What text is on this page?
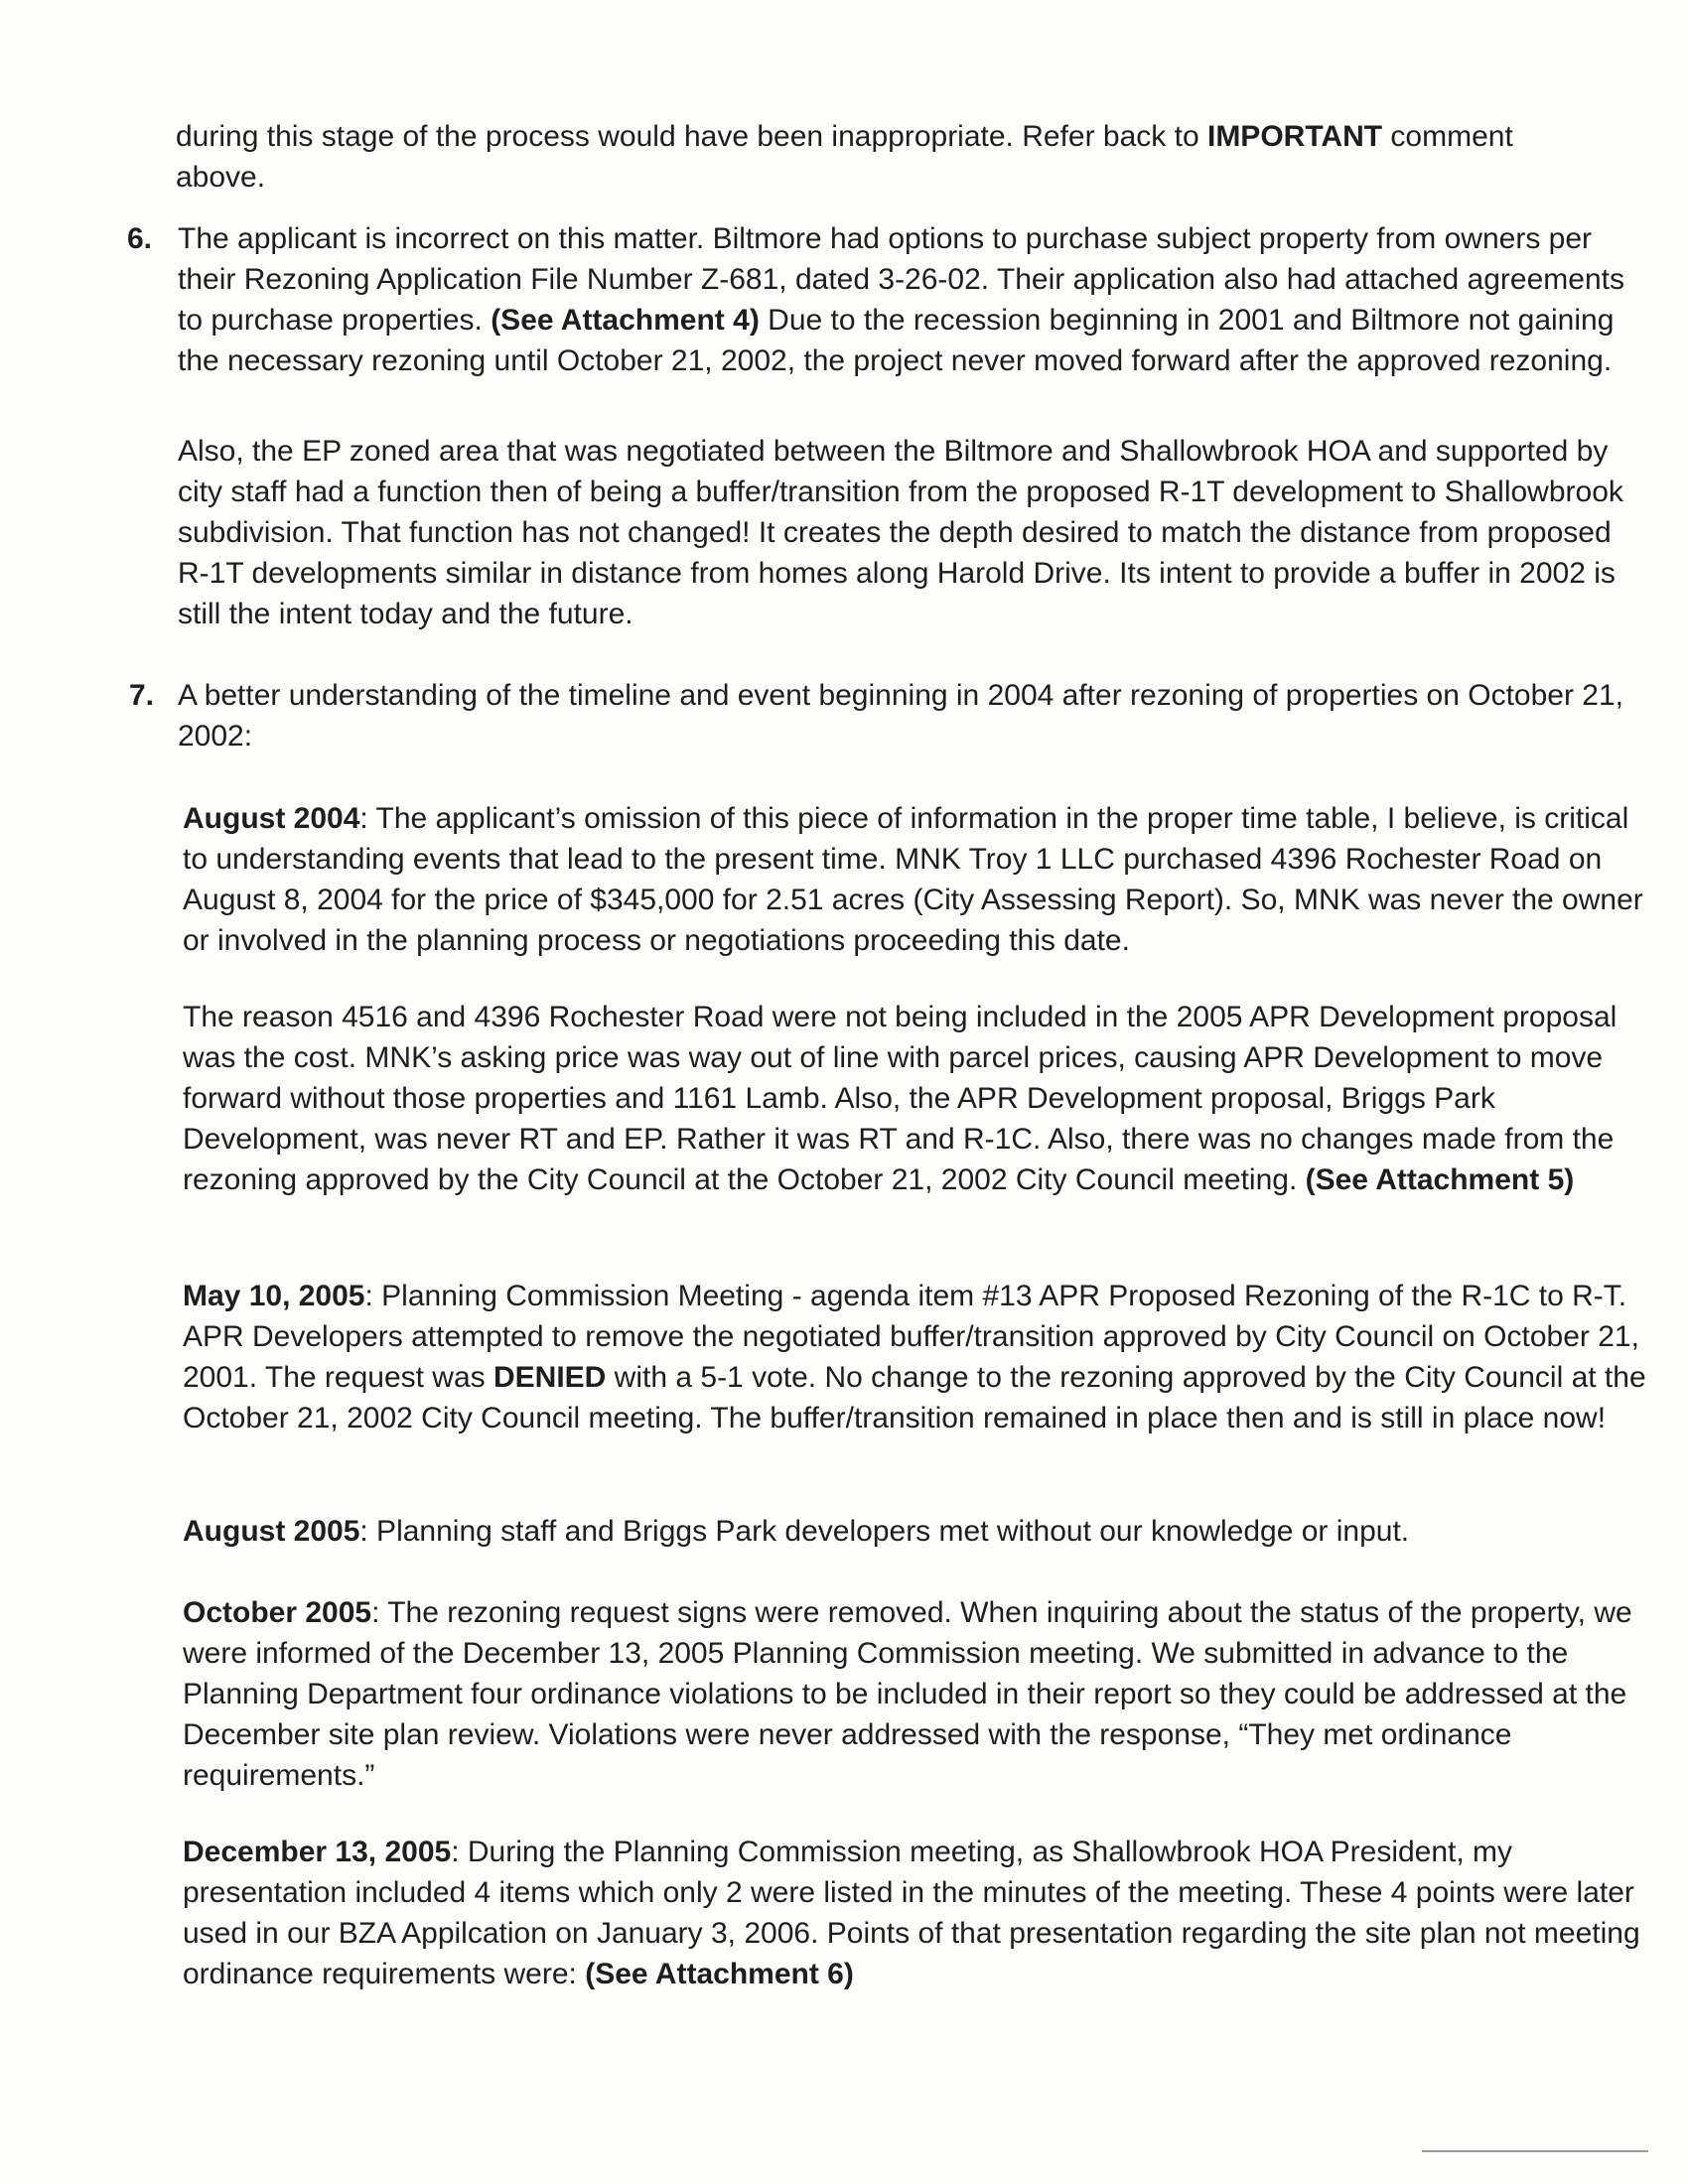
during this stage of the process would have been inappropriate. Refer back to IMPORTANT comment above.

6. The applicant is incorrect on this matter. Biltmore had options to purchase subject property from owners per their Rezoning Application File Number Z-681, dated 3-26-02. Their application also had attached agreements to purchase properties. (See Attachment 4) Due to the recession beginning in 2001 and Biltmore not gaining the necessary rezoning until October 21, 2002, the project never moved forward after the approved rezoning.

Also, the EP zoned area that was negotiated between the Biltmore and Shallowbrook HOA and supported by city staff had a function then of being a buffer/transition from the proposed R-1T development to Shallowbrook subdivision. That function has not changed! It creates the depth desired to match the distance from proposed R-1T developments similar in distance from homes along Harold Drive. Its intent to provide a buffer in 2002 is still the intent today and the future.

7. A better understanding of the timeline and event beginning in 2004 after rezoning of properties on October 21, 2002:

August 2004: The applicant’s omission of this piece of information in the proper time table, I believe, is critical to understanding events that lead to the present time. MNK Troy 1 LLC purchased 4396 Rochester Road on August 8, 2004 for the price of $345,000 for 2.51 acres (City Assessing Report). So, MNK was never the owner or involved in the planning process or negotiations proceeding this date.

The reason 4516 and 4396 Rochester Road were not being included in the 2005 APR Development proposal was the cost. MNK’s asking price was way out of line with parcel prices, causing APR Development to move forward without those properties and 1161 Lamb. Also, the APR Development proposal, Briggs Park Development, was never RT and EP. Rather it was RT and R-1C. Also, there was no changes made from the rezoning approved by the City Council at the October 21, 2002 City Council meeting. (See Attachment 5)

May 10, 2005: Planning Commission Meeting - agenda item #13 APR Proposed Rezoning of the R-1C to R-T. APR Developers attempted to remove the negotiated buffer/transition approved by City Council on October 21, 2001. The request was DENIED with a 5-1 vote. No change to the rezoning approved by the City Council at the October 21, 2002 City Council meeting. The buffer/transition remained in place then and is still in place now!

August 2005: Planning staff and Briggs Park developers met without our knowledge or input.

October 2005: The rezoning request signs were removed. When inquiring about the status of the property, we were informed of the December 13, 2005 Planning Commission meeting. We submitted in advance to the Planning Department four ordinance violations to be included in their report so they could be addressed at the December site plan review. Violations were never addressed with the response, “They met ordinance requirements.”

December 13, 2005: During the Planning Commission meeting, as Shallowbrook HOA President, my presentation included 4 items which only 2 were listed in the minutes of the meeting. These 4 points were later used in our BZA Appilcation on January 3, 2006. Points of that presentation regarding the site plan not meeting ordinance requirements were: (See Attachment 6)
